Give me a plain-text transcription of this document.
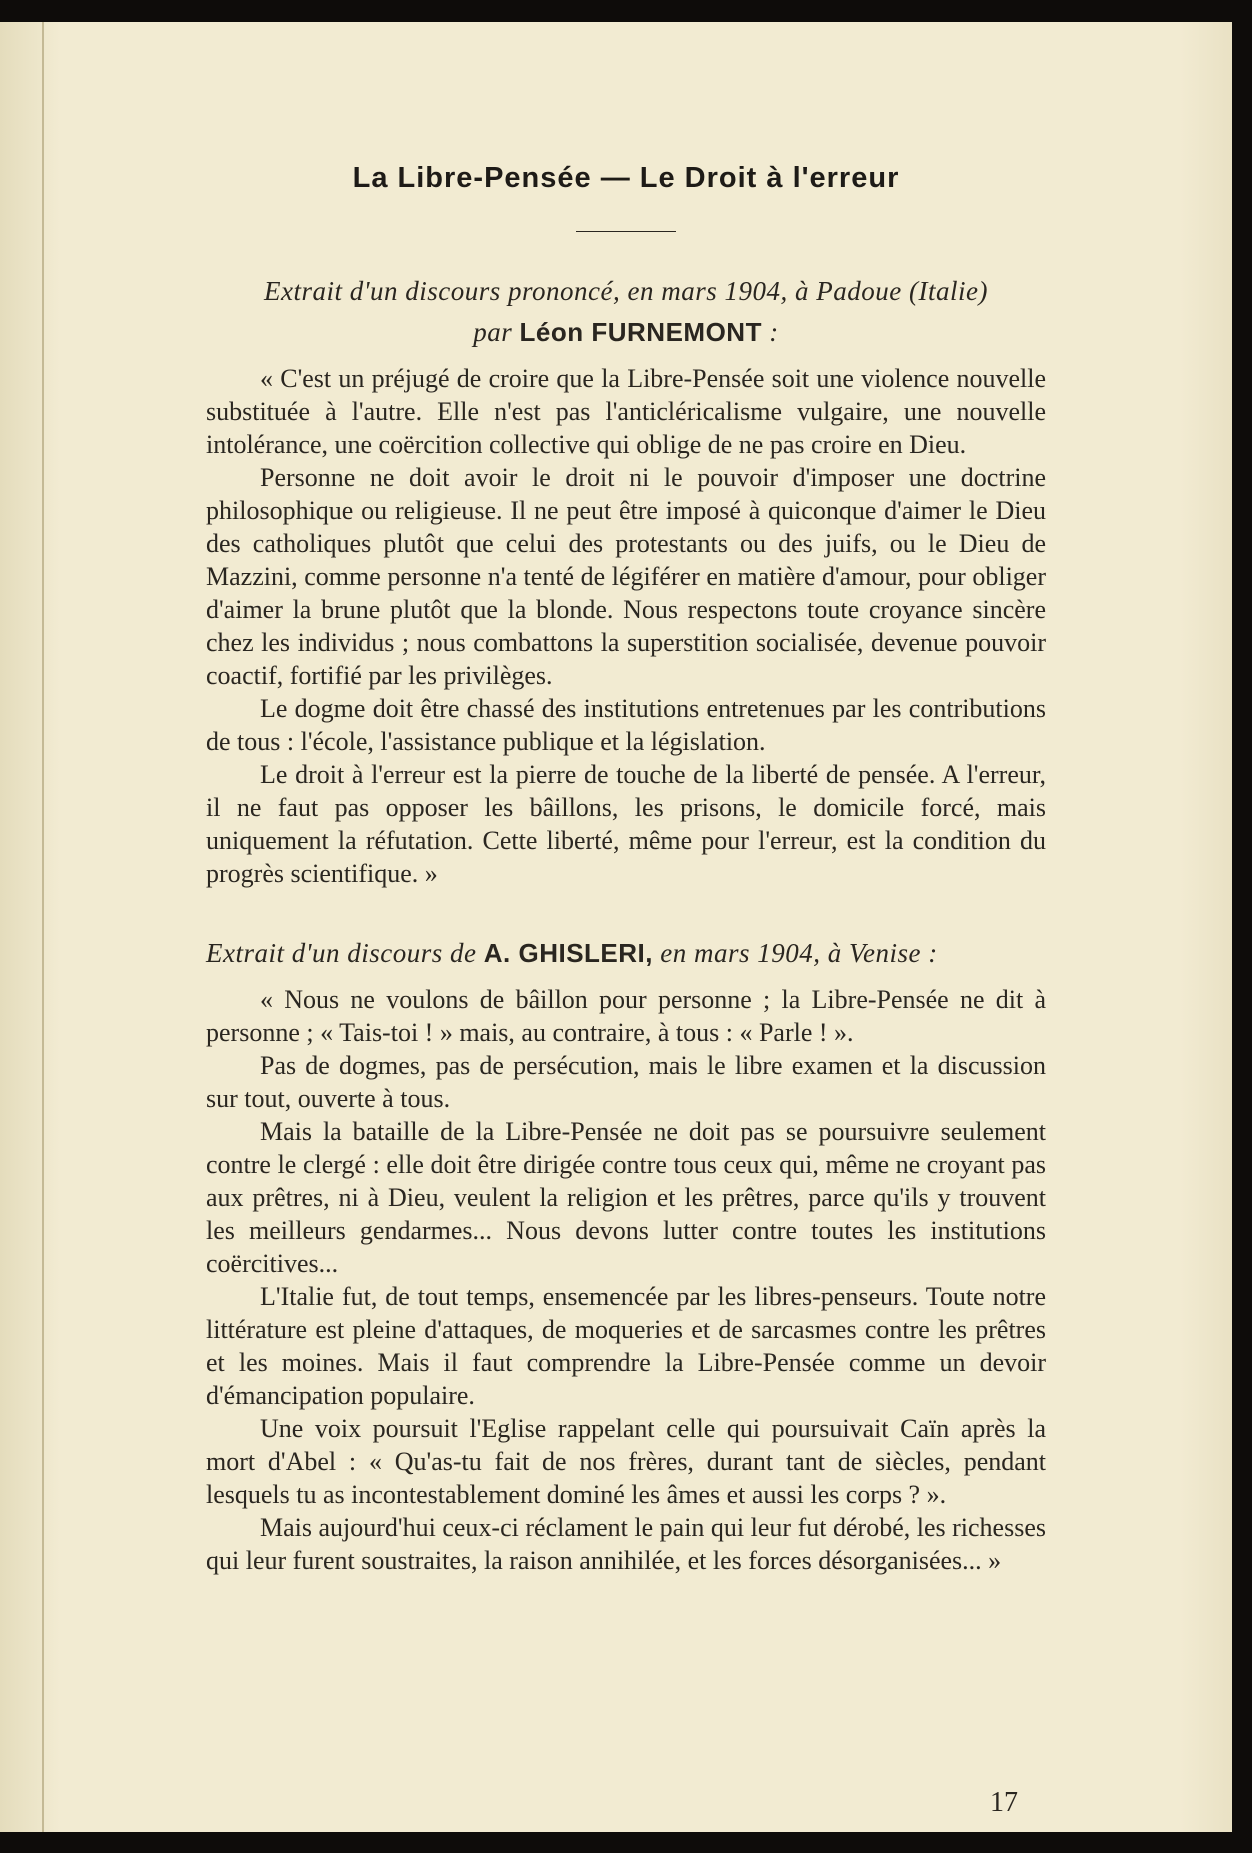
La Libre-Pensée — Le Droit à l'erreur

Extrait d'un discours prononcé, en mars 1904, à Padoue (Italie)

par Léon FURNEMONT :

« C'est un préjugé de croire que la Libre-Pensée soit une violence nouvelle substituée à l'autre. Elle n'est pas l'anticléricalisme vulgaire, une nouvelle intolérance, une coërcition collective qui oblige de ne pas croire en Dieu.

Personne ne doit avoir le droit ni le pouvoir d'imposer une doctrine philosophique ou religieuse. Il ne peut être imposé à quiconque d'aimer le Dieu des catholiques plutôt que celui des protestants ou des juifs, ou le Dieu de Mazzini, comme personne n'a tenté de légiférer en matière d'amour, pour obliger d'aimer la brune plutôt que la blonde. Nous respectons toute croyance sincère chez les individus ; nous combattons la superstition socialisée, devenue pouvoir coactif, fortifié par les privilèges.

Le dogme doit être chassé des institutions entretenues par les contributions de tous : l'école, l'assistance publique et la législation.

Le droit à l'erreur est la pierre de touche de la liberté de pensée. A l'erreur, il ne faut pas opposer les bâillons, les prisons, le domicile forcé, mais uniquement la réfutation. Cette liberté, même pour l'erreur, est la condition du progrès scientifique. »

Extrait d'un discours de A. GHISLERI, en mars 1904, à Venise :

« Nous ne voulons de bâillon pour personne ; la Libre-Pensée ne dit à personne ; « Tais-toi ! » mais, au contraire, à tous : « Parle ! ».

Pas de dogmes, pas de persécution, mais le libre examen et la discussion sur tout, ouverte à tous.

Mais la bataille de la Libre-Pensée ne doit pas se poursuivre seulement contre le clergé : elle doit être dirigée contre tous ceux qui, même ne croyant pas aux prêtres, ni à Dieu, veulent la religion et les prêtres, parce qu'ils y trouvent les meilleurs gendarmes... Nous devons lutter contre toutes les institutions coërcitives...

L'Italie fut, de tout temps, ensemencée par les libres-penseurs. Toute notre littérature est pleine d'attaques, de moqueries et de sarcasmes contre les prêtres et les moines. Mais il faut comprendre la Libre-Pensée comme un devoir d'émancipation populaire.

Une voix poursuit l'Eglise rappelant celle qui poursuivait Caïn après la mort d'Abel : « Qu'as-tu fait de nos frères, durant tant de siècles, pendant lesquels tu as incontestablement dominé les âmes et aussi les corps ? ».

Mais aujourd'hui ceux-ci réclament le pain qui leur fut dérobé, les richesses qui leur furent soustraites, la raison annihilée, et les forces désorganisées... »

17
